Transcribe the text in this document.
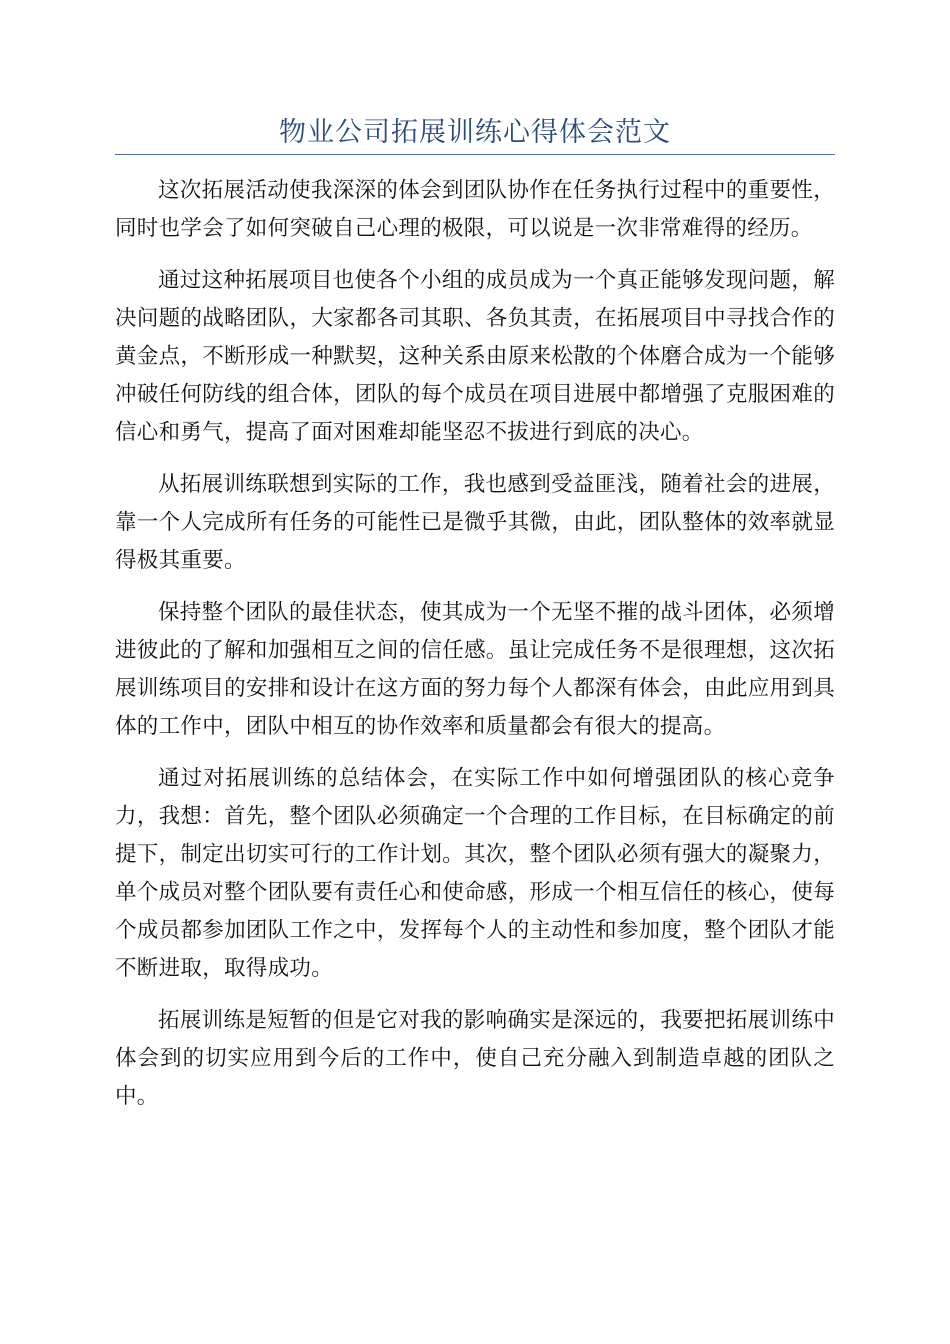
物业公司拓展训练心得体会范文

这次拓展活动使我深深的体会到团队协作在任务执行过程中的重要性，同时也学会了如何突破自己心理的极限，可以说是一次非常难得的经历。

通过这种拓展项目也使各个小组的成员成为一个真正能够发现问题，解决问题的战略团队，大家都各司其职、各负其责，在拓展项目中寻找合作的黄金点，不断形成一种默契，这种关系由原来松散的个体磨合成为一个能够冲破任何防线的组合体，团队的每个成员在项目进展中都增强了克服困难的信心和勇气，提高了面对困难却能坚忍不拔进行到底的决心。

从拓展训练联想到实际的工作，我也感到受益匪浅，随着社会的进展，靠一个人完成所有任务的可能性已是微乎其微，由此，团队整体的效率就显得极其重要。

保持整个团队的最佳状态，使其成为一个无坚不摧的战斗团体，必须增进彼此的了解和加强相互之间的信任感。虽让完成任务不是很理想，这次拓展训练项目的安排和设计在这方面的努力每个人都深有体会，由此应用到具体的工作中，团队中相互的协作效率和质量都会有很大的提高。

通过对拓展训练的总结体会，在实际工作中如何增强团队的核心竞争力，我想：首先，整个团队必须确定一个合理的工作目标，在目标确定的前提下，制定出切实可行的工作计划。其次，整个团队必须有强大的凝聚力，单个成员对整个团队要有责任心和使命感，形成一个相互信任的核心，使每个成员都参加团队工作之中，发挥每个人的主动性和参加度，整个团队才能不断进取，取得成功。

拓展训练是短暂的但是它对我的影响确实是深远的，我要把拓展训练中体会到的切实应用到今后的工作中，使自己充分融入到制造卓越的团队之中。
